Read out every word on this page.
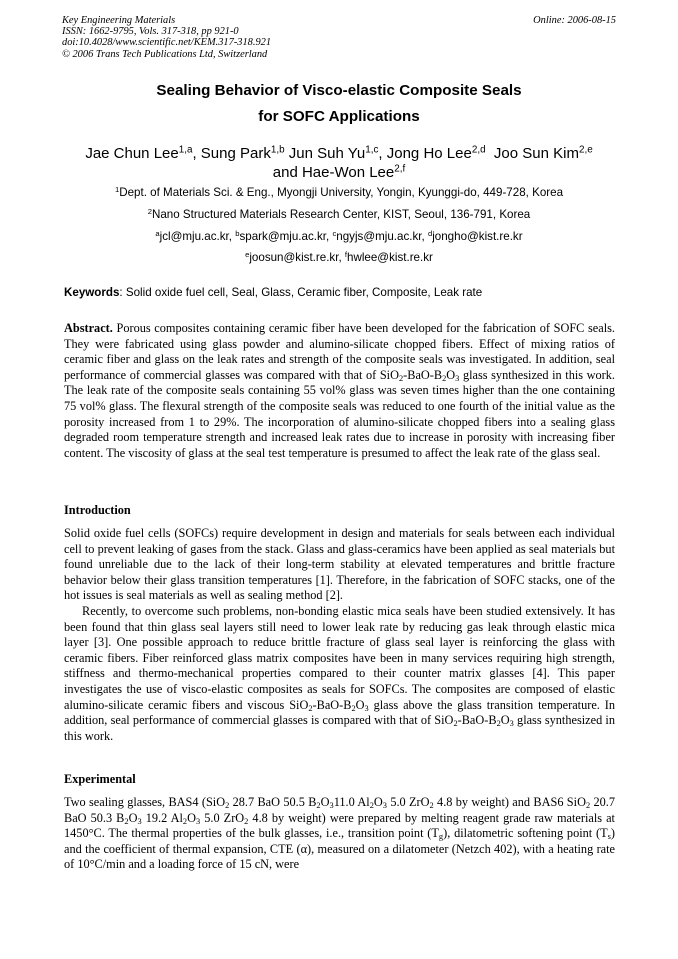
Key Engineering Materials
ISSN: 1662-9795, Vols. 317-318, pp 921-0
doi:10.4028/www.scientific.net/KEM.317-318.921
© 2006 Trans Tech Publications Ltd, Switzerland
Online: 2006-08-15
Sealing Behavior of Visco-elastic Composite Seals
for SOFC Applications
Jae Chun Lee$^{1,a}$, Sung Park$^{1,b}$ Jun Suh Yu$^{1,c}$, Jong Ho Lee$^{2,d}$ Joo Sun Kim$^{2,e}$
and Hae-Won Lee$^{2,f}$
$^1$Dept. of Materials Sci. & Eng., Myongji University, Yongin, Kyunggi-do, 449-728, Korea
$^2$Nano Structured Materials Research Center, KIST, Seoul, 136-791, Korea
$^a$jcl@mju.ac.kr, $^b$spark@mju.ac.kr, $^c$ngyjs@mju.ac.kr, $^d$jongho@kist.re.kr
$^e$joosun@kist.re.kr, $^f$hwlee@kist.re.kr
Keywords: Solid oxide fuel cell, Seal, Glass, Ceramic fiber, Composite, Leak rate

Abstract. Porous composites containing ceramic fiber have been developed for the fabrication of SOFC seals. They were fabricated using glass powder and alumino-silicate chopped fibers. Effect of mixing ratios of ceramic fiber and glass on the leak rates and strength of the composite seals was investigated. In addition, seal performance of commercial glasses was compared with that of $SiO_2-BaO-B_2O_3$ glass synthesized in this work. The leak rate of the composite seals containing 55 vol% glass was seven times higher than the one containing 75 vol% glass. The flexural strength of the composite seals was reduced to one fourth of the initial value as the porosity increased from 1 to 29%. The incorporation of alumino-silicate chopped fibers into a sealing glass degraded room temperature strength and increased leak rates due to increase in porosity with increasing fiber content. The viscosity of glass at the seal test temperature is presumed to affect the leak rate of the glass seal.

Introduction

Solid oxide fuel cells (SOFCs) require development in design and materials for seals between each individual cell to prevent leaking of gases from the stack. Glass and glass-ceramics have been applied as seal materials but found unreliable due to the lack of their long-term stability at elevated temperatures and brittle fracture behavior below their glass transition temperatures [1]. Therefore, in the fabrication of SOFC stacks, one of the hot issues is seal materials as well as sealing method [2].

Recently, to overcome such problems, non-bonding elastic mica seals have been studied extensively. It has been found that thin glass seal layers still need to lower leak rate by reducing gas leak through elastic mica layer [3]. One possible approach to reduce brittle fracture of glass seal layer is reinforcing the glass with ceramic fibers. Fiber reinforced glass matrix composites have been in many services requiring high strength, stiffness and thermo-mechanical properties compared to their counter matrix glasses [4]. This paper investigates the use of visco-elastic composites as seals for SOFCs. The composites are composed of elastic alumino-silicate ceramic fibers and viscous $SiO_2-BaO-B_2O_3$ glass above the glass transition temperature. In addition, seal performance of commercial glasses is compared with that of $SiO_2-BaO-B_2O_3$ glass synthesized in this work.

Experimental

Two sealing glasses, BAS4 (SiO$_2$ 28.7 BaO 50.5 $B_2O_311.0$ $Al_2O_3$ 5.0 ZrO$_2$ 4.8 by weight) and BAS6 SiO$_2$ 20.7 BaO 50.3 $B_2O_3$ 19.2 $Al_2O_3$ 5.0 ZrO$_2$ 4.8 by weight) were prepared by melting reagent grade raw materials at 1450°C. The thermal properties of the bulk glasses, i.e., transition point $(T_g)$, dilatometric softening point $(T_s)$ and the coefficient of thermal expansion, CTE (α), measured on a dilatometer (Netzch 402), with a heating rate of 10°C/min and a loading force of 15 cN, were
